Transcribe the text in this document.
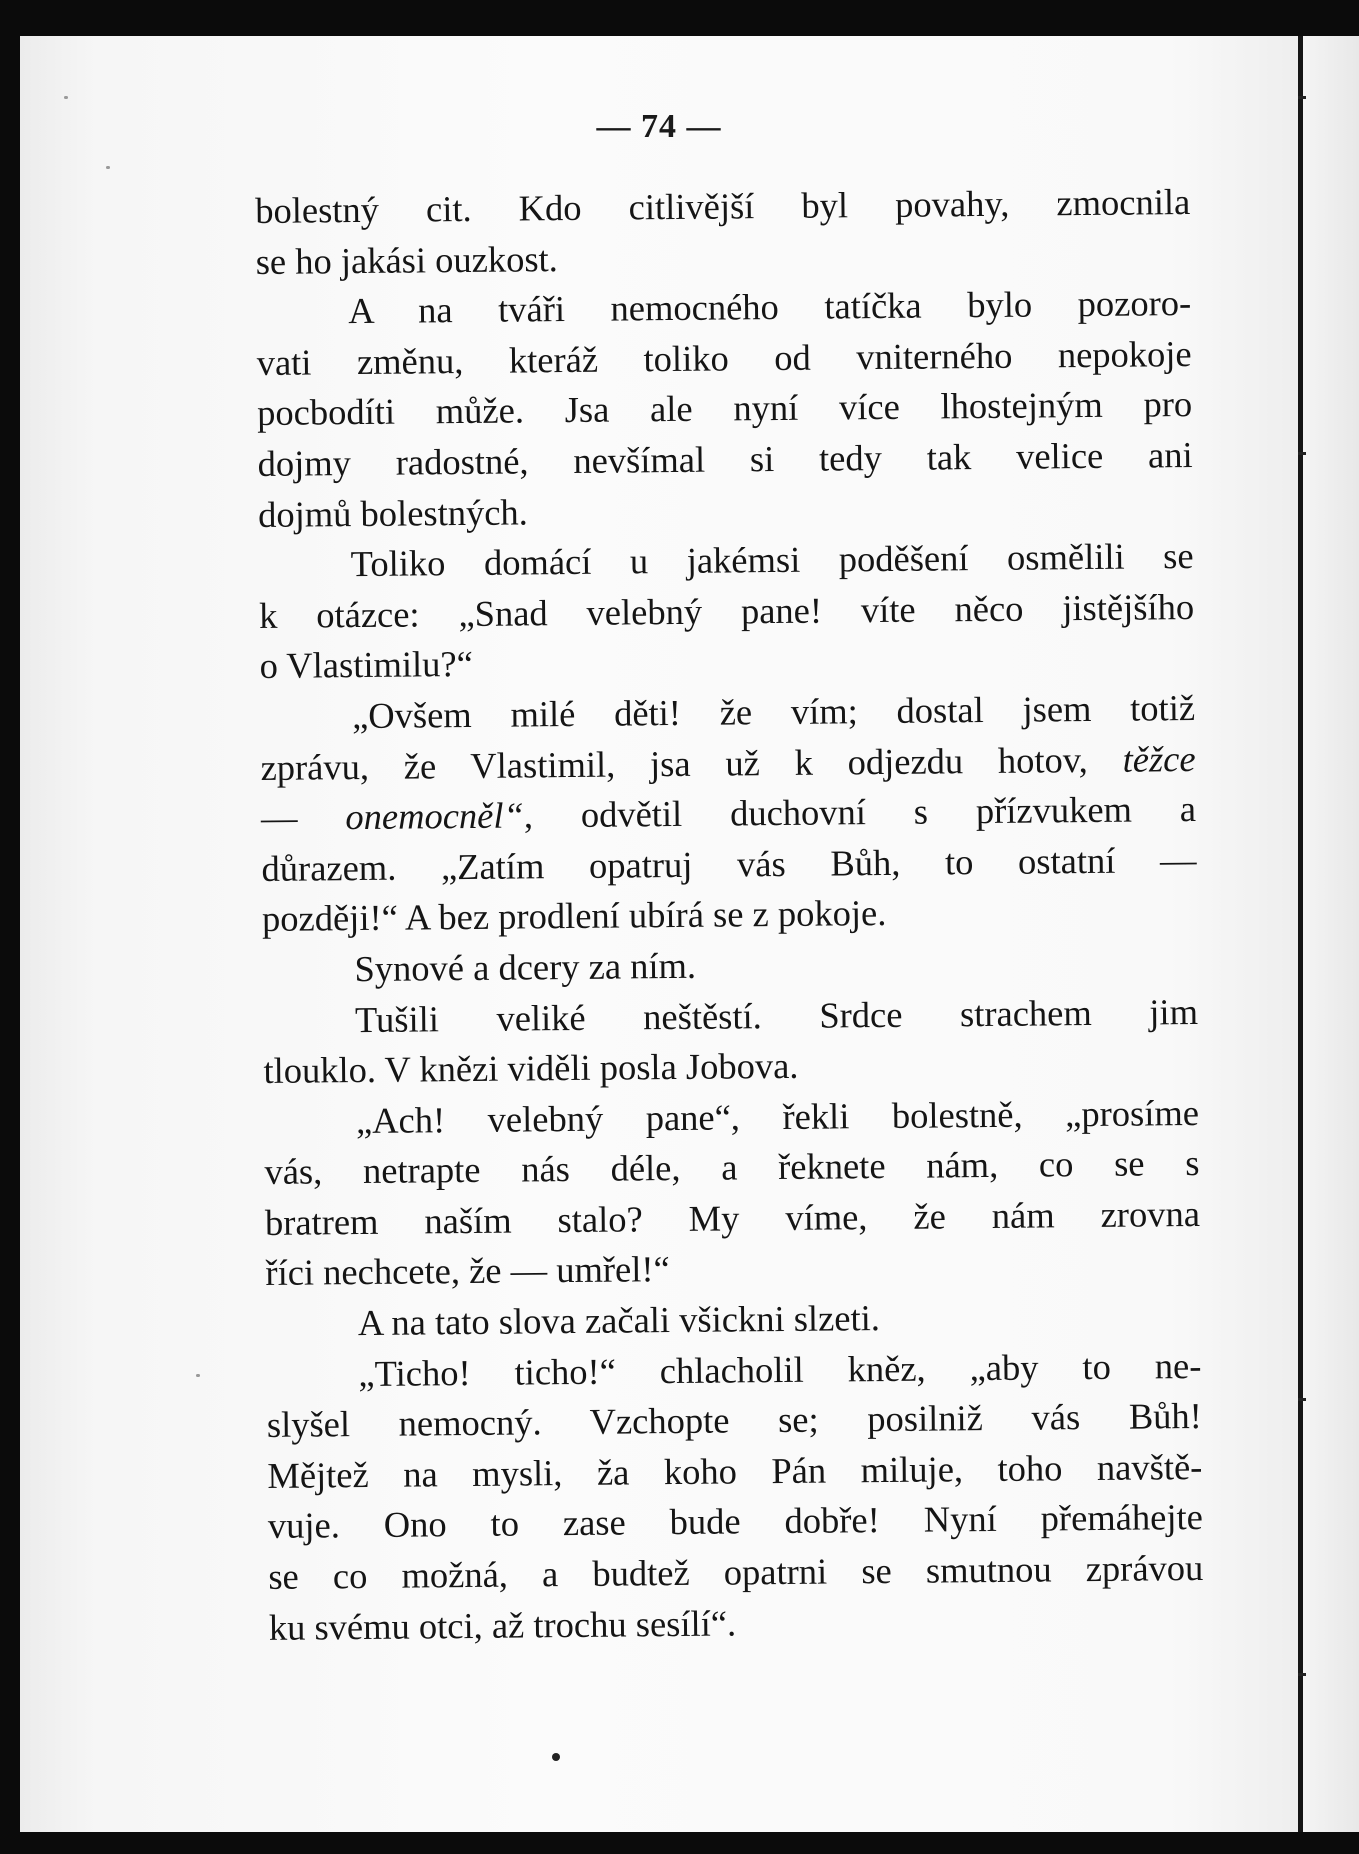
— 74 —
bolestný cit. Kdo citlivější byl povahy, zmocnila
se ho jakási ouzkost.
A na tváři nemocného tatíčka bylo pozoro-
vati změnu, kteráž toliko od vniterného nepokoje
pocbodíti může. Jsa ale nyní více lhostejným pro
dojmy radostné, nevšímal si tedy tak velice ani
dojmů bolestných.
Toliko domácí u jakémsi poděšení osmělili se
k otázce: „Snad velebný pane! víte něco jistějšího
o Vlastimilu?“
„Ovšem milé děti! že vím; dostal jsem totiž
zprávu, že Vlastimil, jsa už k odjezdu hotov, těžce
— onemocněl“, odvětil duchovní s přízvukem a
důrazem. „Zatím opatruj vás Bůh, to ostatní —
později!“ A bez prodlení ubírá se z pokoje.
Synové a dcery za ním.
Tušili veliké neštěstí. Srdce strachem jim
tlouklo. V knězi viděli posla Jobova.
„Ach! velebný pane“, řekli bolestně, „prosíme
vás, netrapte nás déle, a řeknete nám, co se s
bratrem naším stalo? My víme, že nám zrovna
říci nechcete, že — umřel!“
A na tato slova začali všickni slzeti.
„Ticho! ticho!“ chlacholil kněz, „aby to ne-
slyšel nemocný. Vzchopte se; posilniž vás Bůh!
Mějtež na mysli, ža koho Pán miluje, toho navště-
vuje. Ono to zase bude dobře! Nyní přemáhejte
se co možná, a budtež opatrni se smutnou zprávou
ku svému otci, až trochu sesílí“.
